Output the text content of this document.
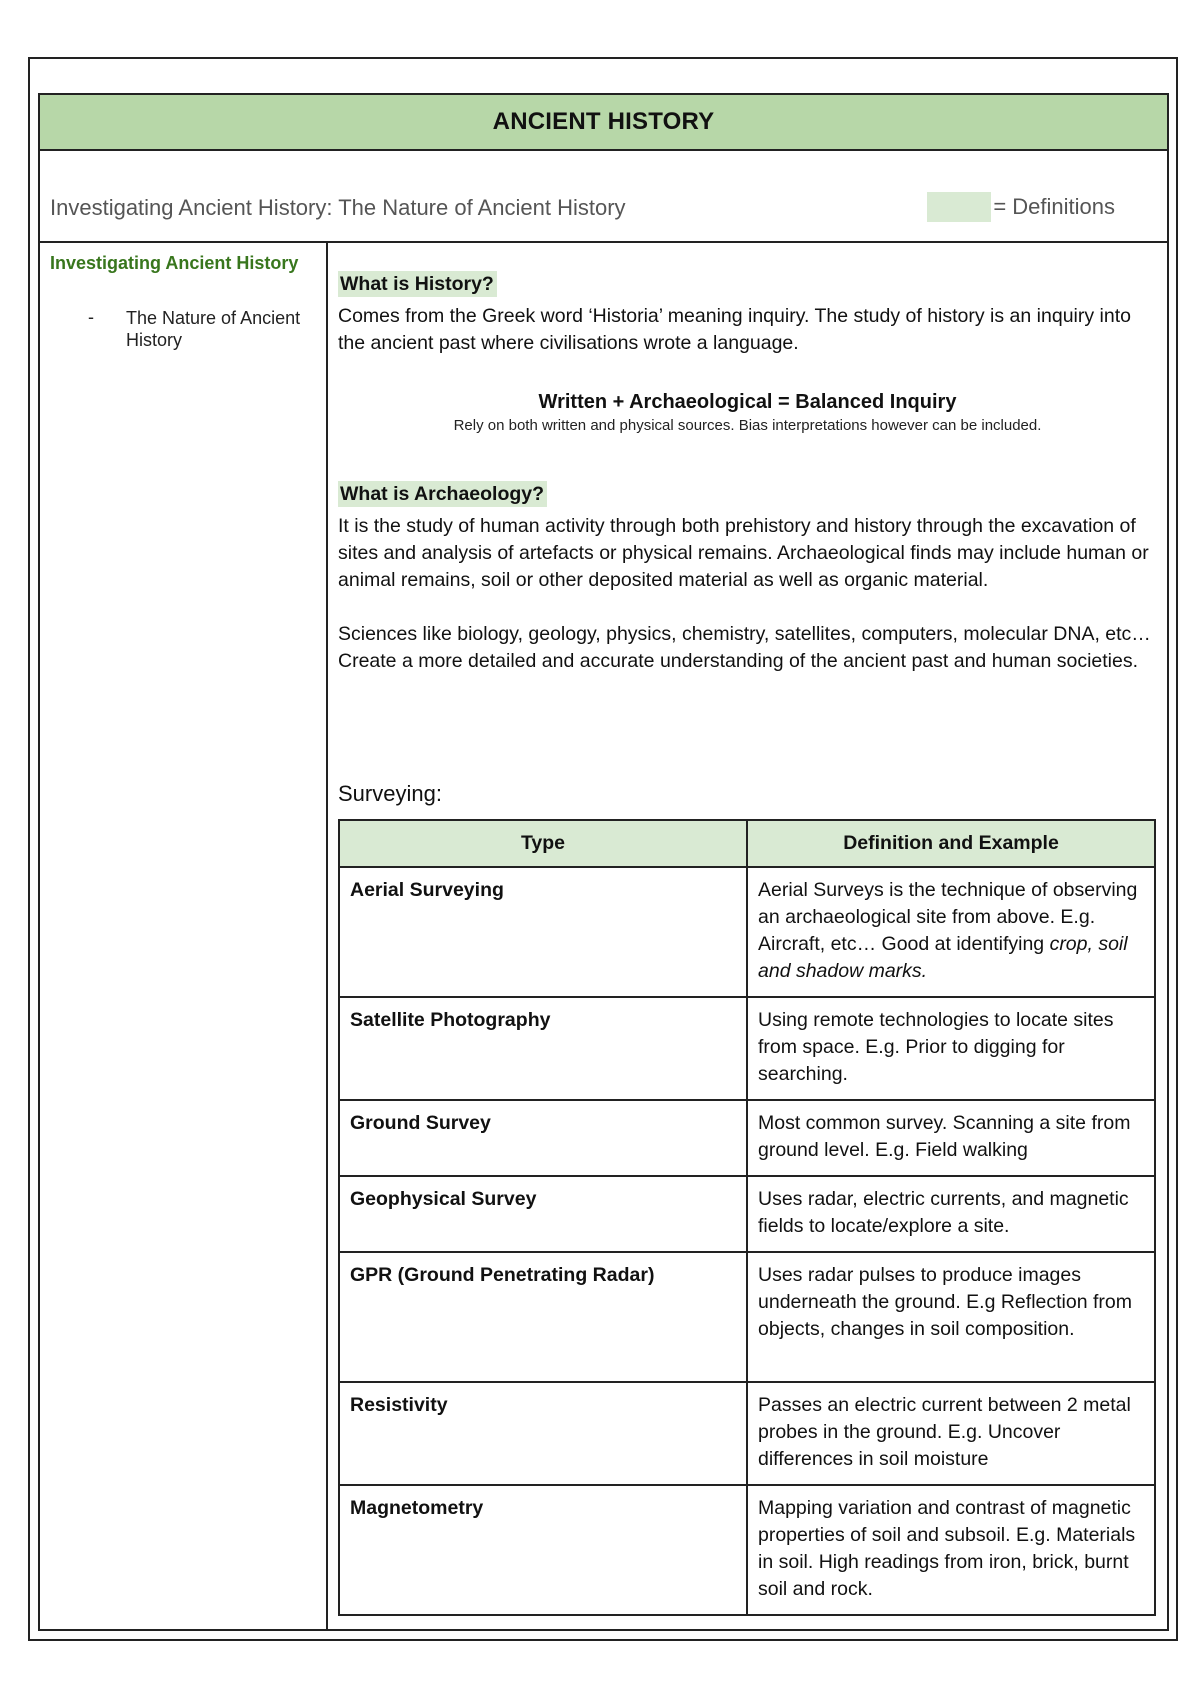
ANCIENT HISTORY
Investigating Ancient History: The Nature of Ancient History	= Definitions
Investigating Ancient History
- The Nature of Ancient History
What is History?
Comes from the Greek word ‘Historia’ meaning inquiry. The study of history is an inquiry into the ancient past where civilisations wrote a language.
Written + Archaeological = Balanced Inquiry
Rely on both written and physical sources. Bias interpretations however can be included.
What is Archaeology?
It is the study of human activity through both prehistory and history through the excavation of sites and analysis of artefacts or physical remains. Archaeological finds may include human or animal remains, soil or other deposited material as well as organic material.
Sciences like biology, geology, physics, chemistry, satellites, computers, molecular DNA, etc… Create a more detailed and accurate understanding of the ancient past and human societies.
Surveying:
Type	Definition and Example
Aerial Surveying	Aerial Surveys is the technique of observing an archaeological site from above. E.g. Aircraft, etc… Good at identifying crop, soil and shadow marks.
Satellite Photography	Using remote technologies to locate sites from space. E.g. Prior to digging for searching.
Ground Survey	Most common survey. Scanning a site from ground level. E.g. Field walking
Geophysical Survey	Uses radar, electric currents, and magnetic fields to locate/explore a site.
GPR (Ground Penetrating Radar)	Uses radar pulses to produce images underneath the ground. E.g Reflection from objects, changes in soil composition.
Resistivity	Passes an electric current between 2 metal probes in the ground. E.g. Uncover differences in soil moisture
Magnetometry	Mapping variation and contrast of magnetic properties of soil and subsoil. E.g. Materials in soil. High readings from iron, brick, burnt soil and rock.
